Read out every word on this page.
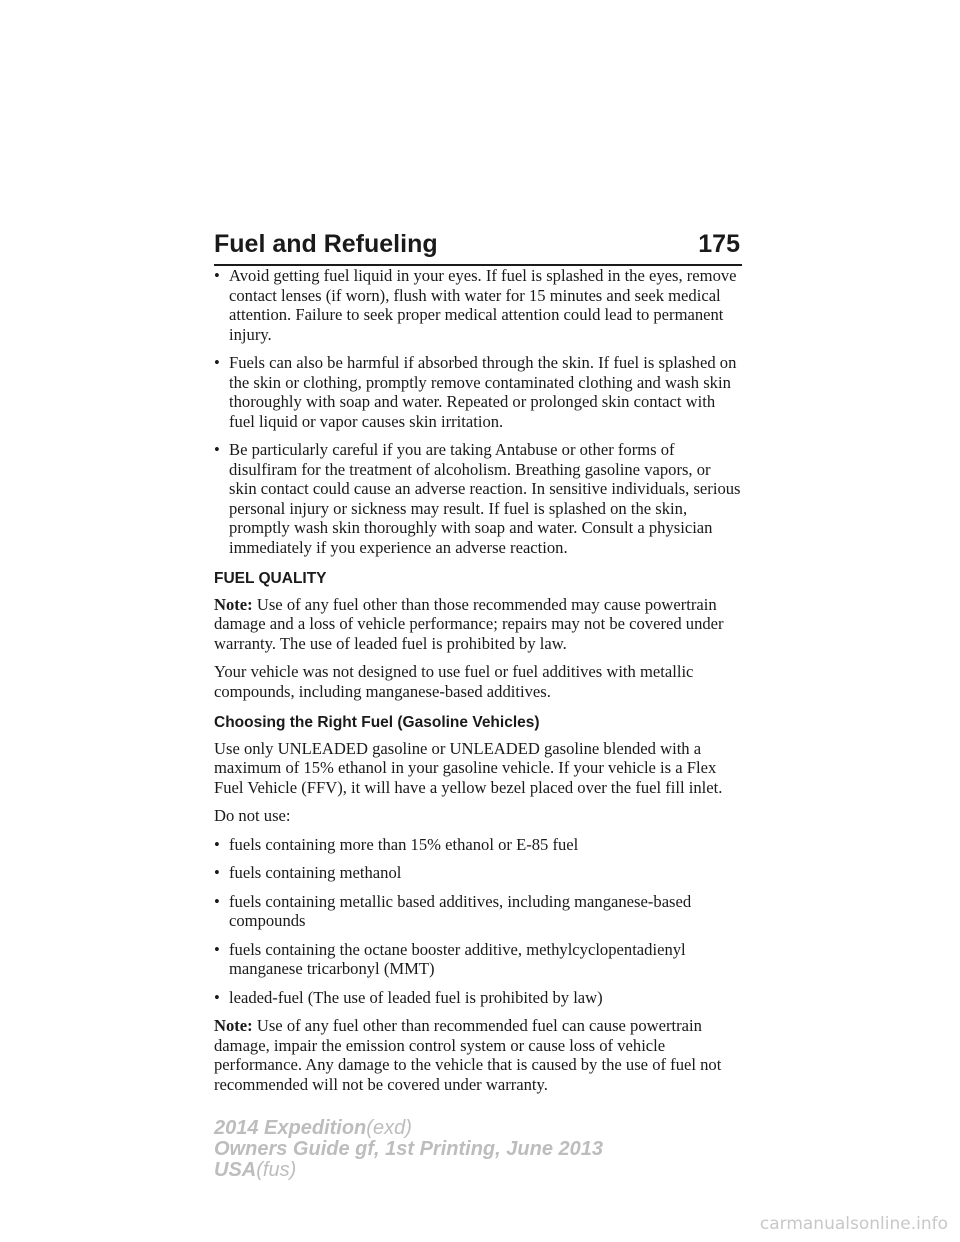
Fuel and Refueling	175
• Avoid getting fuel liquid in your eyes. If fuel is splashed in the eyes, remove contact lenses (if worn), flush with water for 15 minutes and seek medical attention. Failure to seek proper medical attention could lead to permanent injury.
• Fuels can also be harmful if absorbed through the skin. If fuel is splashed on the skin or clothing, promptly remove contaminated clothing and wash skin thoroughly with soap and water. Repeated or prolonged skin contact with fuel liquid or vapor causes skin irritation.
• Be particularly careful if you are taking Antabuse or other forms of disulfiram for the treatment of alcoholism. Breathing gasoline vapors, or skin contact could cause an adverse reaction. In sensitive individuals, serious personal injury or sickness may result. If fuel is splashed on the skin, promptly wash skin thoroughly with soap and water. Consult a physician immediately if you experience an adverse reaction.
FUEL QUALITY

Note: Use of any fuel other than those recommended may cause powertrain damage and a loss of vehicle performance; repairs may not be covered under warranty. The use of leaded fuel is prohibited by law.

Your vehicle was not designed to use fuel or fuel additives with metallic compounds, including manganese-based additives.

Choosing the Right Fuel (Gasoline Vehicles)

Use only UNLEADED gasoline or UNLEADED gasoline blended with a maximum of 15% ethanol in your gasoline vehicle. If your vehicle is a Flex Fuel Vehicle (FFV), it will have a yellow bezel placed over the fuel fill inlet.

Do not use:

• fuels containing more than 15% ethanol or E-85 fuel
• fuels containing methanol
• fuels containing metallic based additives, including manganese-based compounds
• fuels containing the octane booster additive, methylcyclopentadienyl manganese tricarbonyl (MMT)
• leaded-fuel (The use of leaded fuel is prohibited by law)

Note: Use of any fuel other than recommended fuel can cause powertrain damage, impair the emission control system or cause loss of vehicle performance. Any damage to the vehicle that is caused by the use of fuel not recommended will not be covered under warranty.

2014 Expedition(exd)
Owners Guide gf, 1st Printing, June 2013
USA(fus)
carmanualsonline.info
